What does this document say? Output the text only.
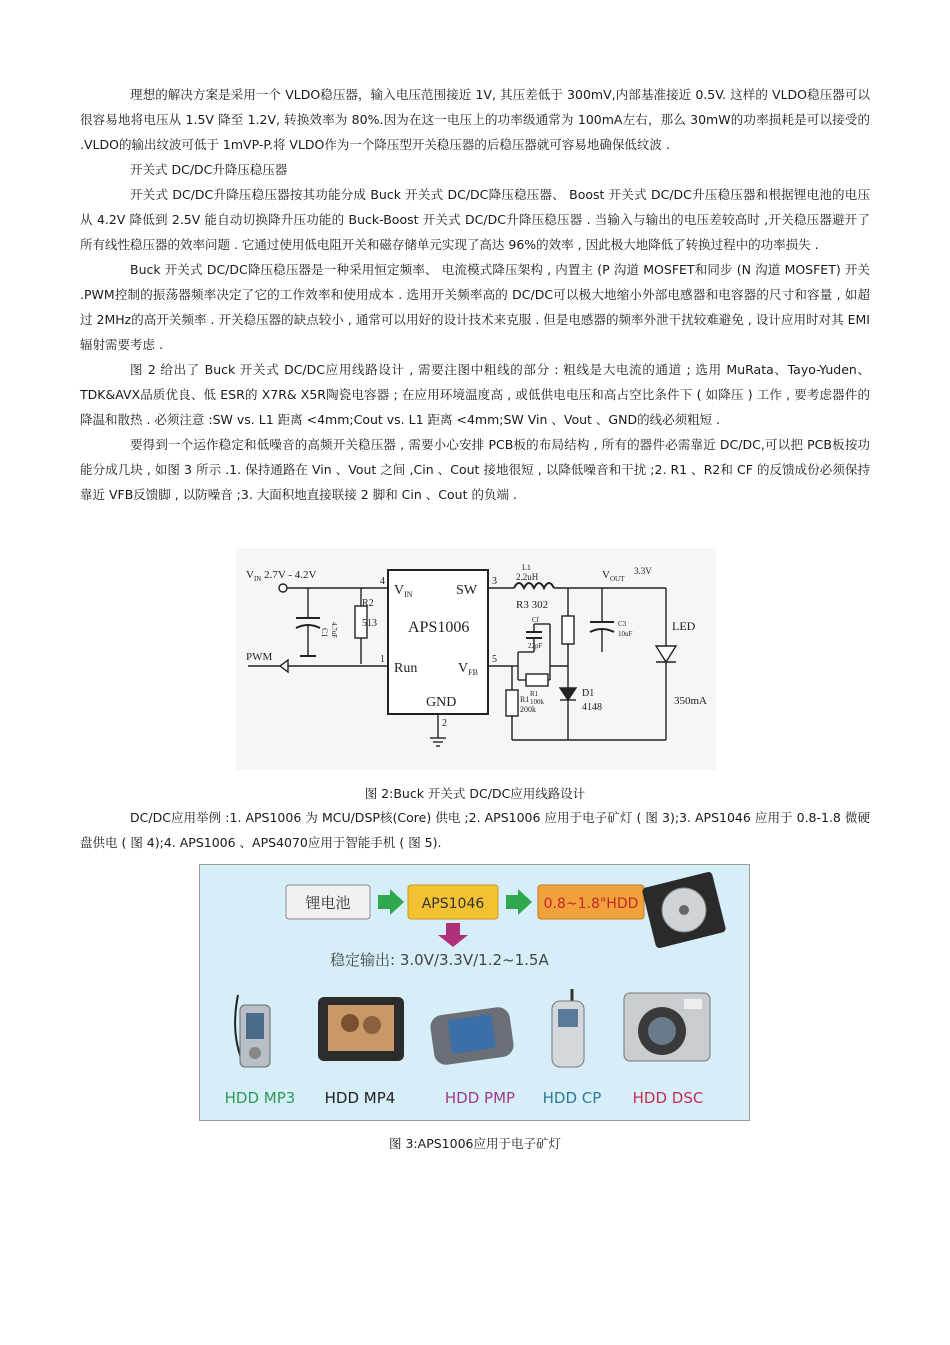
理想的解决方案是采用一个 VLDO稳压器，输入电压范围接近 1V, 其压差低于 300mV,内部基准接近 0.5V. 这样的 VLDO稳压器可以很容易地将电压从 1.5V 降至 1.2V, 转换效率为 80%.因为在这一电压上的功率级通常为 100mA左右，那么 30mW的功率损耗是可以接受的 .VLDO的输出纹波可低于 1mVP-P.将 VLDO作为一个降压型开关稳压器的后稳压器就可容易地确保低纹波 .

开关式 DC/DC升降压稳压器

开关式 DC/DC升降压稳压器按其功能分成 Buck 开关式 DC/DC降压稳压器、 Boost 开关式 DC/DC升压稳压器和根据锂电池的电压从 4.2V 降低到 2.5V 能自动切换降升压功能的 Buck-Boost 开关式 DC/DC升降压稳压器 . 当输入与输出的电压差较高时 ,开关稳压器避开了所有线性稳压器的效率问题 . 它通过使用低电阻开关和磁存储单元实现了高达 96%的效率 , 因此极大地降低了转换过程中的功率损失 .

Buck 开关式 DC/DC降压稳压器是一种采用恒定频率、 电流模式降压架构 , 内置主 (P 沟道 MOSFET和同步 (N 沟道 MOSFET) 开关 .PWM控制的振荡器频率决定了它的工作效率和使用成本 . 选用开关频率高的 DC/DC可以极大地缩小外部电感器和电容器的尺寸和容量 , 如超过 2MHz的高开关频率 . 开关稳压器的缺点较小 , 通常可以用好的设计技术来克服 . 但是电感器的频率外泄干扰较难避免 , 设计应用时对其 EMI辐射需要考虑 .

图 2 给出了 Buck 开关式 DC/DC应用线路设计 , 需要注图中粗线的部分 : 粗线是大电流的通道 ; 选用 MuRata、Tayo-Yuden、TDK&AVX品质优良、低 ESR的 X7R& X5R陶瓷电容器 ; 在应用环境温度高 , 或低供电电压和高占空比条件下 ( 如降压 ) 工作 , 要考虑器件的降温和散热 . 必须注意 :SW vs. L1 距离 <4mm;Cout vs. L1 距离 <4mm;SW Vin 、Vout 、GND的线必须粗短 .

要得到一个运作稳定和低噪音的高频开关稳压器 , 需要小心安排 PCB板的布局结构 , 所有的器件必需靠近 DC/DC,可以把 PCB板按功能分成几块 , 如图 3 所示 .1. 保持通路在 Vin 、Vout 之间 ,Cin 、Cout 接地很短 , 以降低噪音和干扰 ;2. R1 、R2和 CF 的反馈成份必须保持靠近 VFB反馈脚 , 以防噪音 ;3. 大面积地直接联接 2 脚和 Cin 、Cout 的负端 .

$V_{IN}$ 2.7V - 4.2V
C1 4.7uF
R2
513
PWM
4
1
3
5
2
$V_{IN}$	SW
APS1006
Run	$V_{FB}$
GND
L1
2.2uH
R3 302
Cf
22pF
R1
100k
R1
200k
D1
4148
$V_{OUT}$
3.3V
C3
10uF
LED
350mA
图 2:Buck 开关式 DC/DC应用线路设计

DC/DC应用举例 :1. APS1006 为 MCU/DSP核(Core) 供电 ;2. APS1006 应用于电子矿灯 ( 图 3);3. APS1046 应用于 0.8-1.8 微硬盘供电 ( 图 4);4. APS1006 、APS4070应用于智能手机 ( 图 5).

锂电池	APS1046	0.8~1.8"HDD
稳定输出: 3.0V/3.3V/1.2~1.5A
HDD MP3 HDD MP4	HDD PMP HDD CP HDD DSC
图 3:APS1006应用于电子矿灯
